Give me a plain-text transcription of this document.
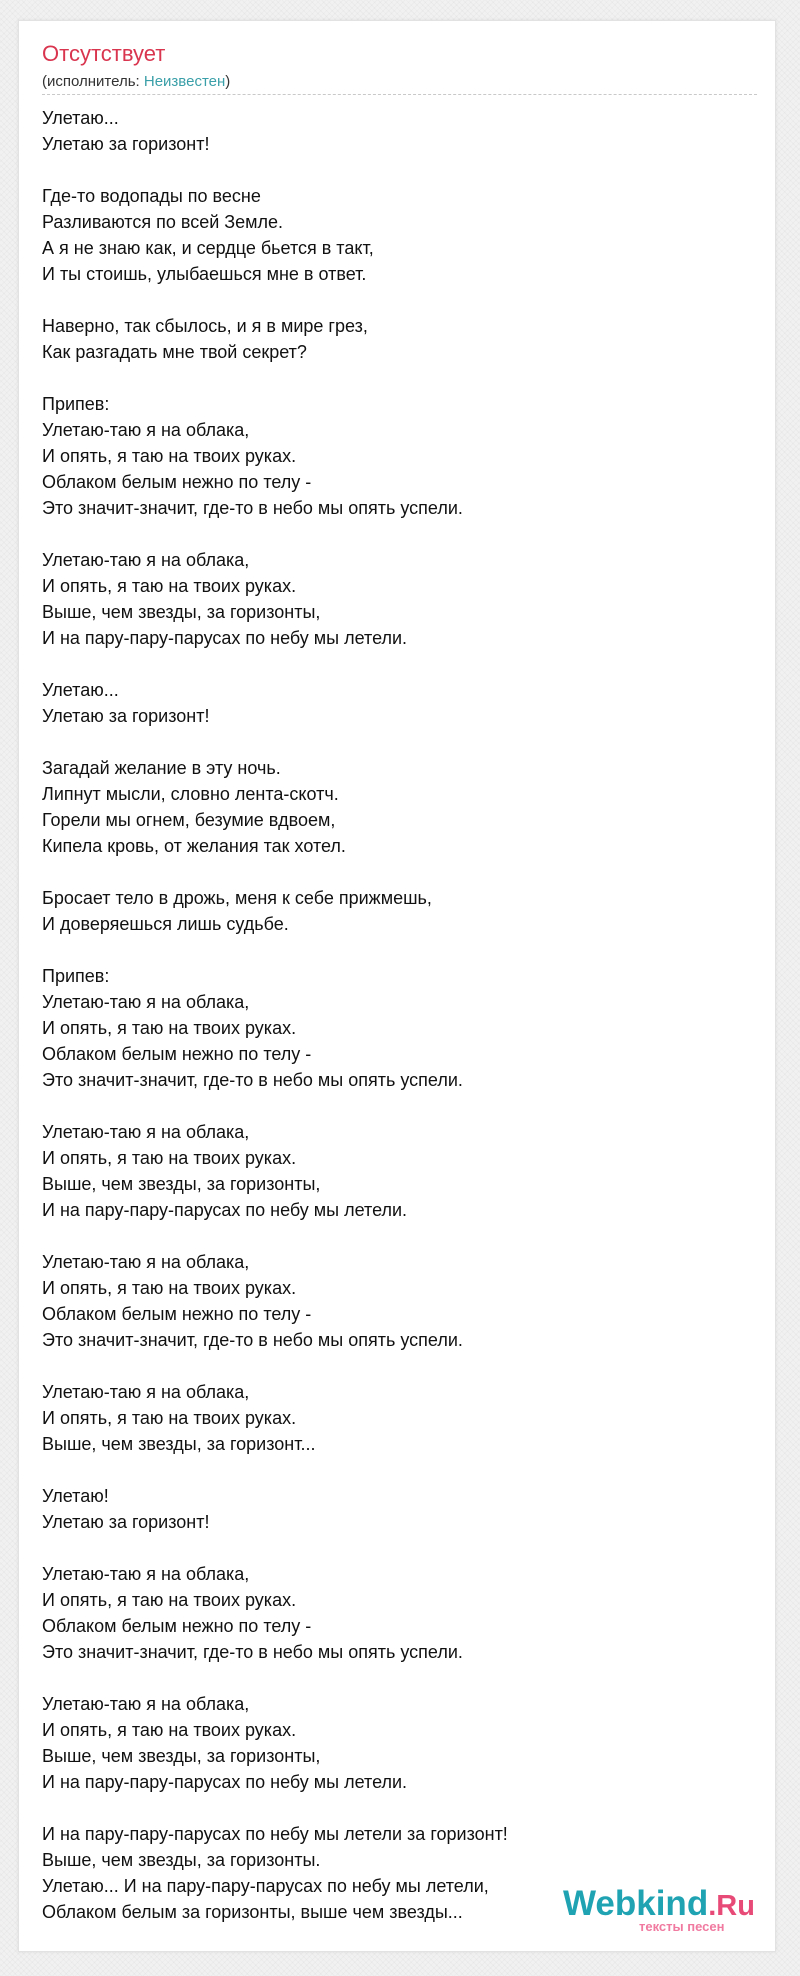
Отсутствует
(исполнитель: Неизвестен)
Улетаю...
Улетаю за горизонт!
Где-то водопады по весне
Разливаются по всей Земле.
А я не знаю как, и сердце бьется в такт,
И ты стоишь, улыбаешься мне в ответ.
Наверно, так сбылось, и я в мире грез,
Как разгадать мне твой секрет?
Припев:
Улетаю-таю я на облака,
И опять, я таю на твоих руках.
Облаком белым нежно по телу -
Это значит-значит, где-то в небо мы опять успели.
Улетаю-таю я на облака,
И опять, я таю на твоих руках.
Выше, чем звезды, за горизонты,
И на пару-пару-парусах по небу мы летели.
Улетаю...
Улетаю за горизонт!
Загадай желание в эту ночь.
Липнут мысли, словно лента-скотч.
Горели мы огнем, безумие вдвоем,
Кипела кровь, от желания так хотел.
Бросает тело в дрожь, меня к себе прижмешь,
И доверяешься лишь судьбе.
Припев:
Улетаю-таю я на облака,
И опять, я таю на твоих руках.
Облаком белым нежно по телу -
Это значит-значит, где-то в небо мы опять успели.
Улетаю-таю я на облака,
И опять, я таю на твоих руках.
Выше, чем звезды, за горизонты,
И на пару-пару-парусах по небу мы летели.
Улетаю-таю я на облака,
И опять, я таю на твоих руках.
Облаком белым нежно по телу -
Это значит-значит, где-то в небо мы опять успели.
Улетаю-таю я на облака,
И опять, я таю на твоих руках.
Выше, чем звезды, за горизонт...
Улетаю!
Улетаю за горизонт!
Улетаю-таю я на облака,
И опять, я таю на твоих руках.
Облаком белым нежно по телу -
Это значит-значит, где-то в небо мы опять успели.
Улетаю-таю я на облака,
И опять, я таю на твоих руках.
Выше, чем звезды, за горизонты,
И на пару-пару-парусах по небу мы летели.
И на пару-пару-парусах по небу мы летели за горизонт!
Выше, чем звезды, за горизонты.
Улетаю... И на пару-пару-парусах по небу мы летели,
Облаком белым за горизонты, выше чем звезды...	Webkind.Ru
тексты песен
